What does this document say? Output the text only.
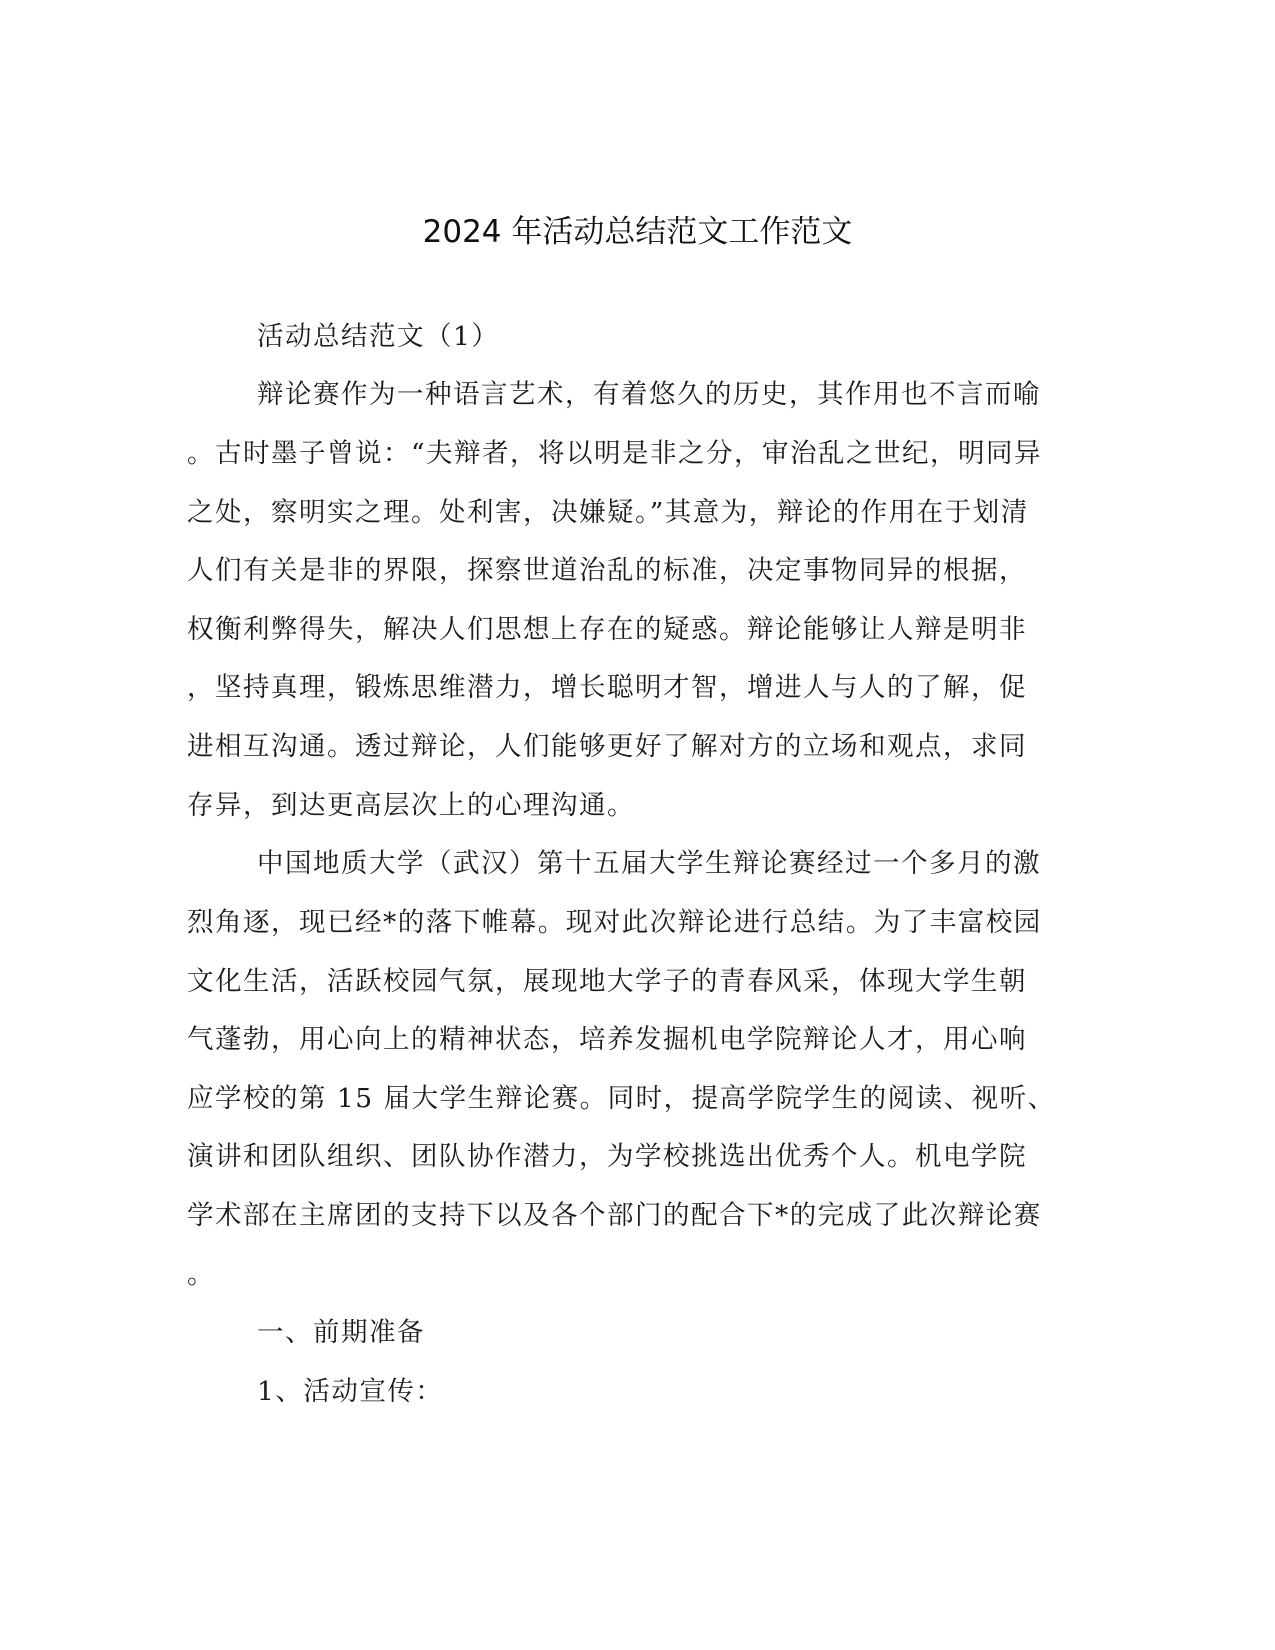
2024 年活动总结范文工作范文
活动总结范文（1）
辩论赛作为一种语言艺术，有着悠久的历史，其作用也不言而喻
。古时墨子曾说：“夫辩者，将以明是非之分，审治乱之世纪，明同异
之处，察明实之理。处利害，决嫌疑。”其意为，辩论的作用在于划清
人们有关是非的界限，探察世道治乱的标准，决定事物同异的根据，
权衡利弊得失，解决人们思想上存在的疑惑。辩论能够让人辩是明非
，坚持真理，锻炼思维潜力，增长聪明才智，增进人与人的了解，促
进相互沟通。透过辩论，人们能够更好了解对方的立场和观点，求同
存异，到达更高层次上的心理沟通。
中国地质大学（武汉）第十五届大学生辩论赛经过一个多月的激
烈角逐，现已经*的落下帷幕。现对此次辩论进行总结。为了丰富校园
文化生活，活跃校园气氛，展现地大学子的青春风采，体现大学生朝
气蓬勃，用心向上的精神状态，培养发掘机电学院辩论人才，用心响
应学校的第 15 届大学生辩论赛。同时，提高学院学生的阅读、视听、
演讲和团队组织、团队协作潜力，为学校挑选出优秀个人。机电学院
学术部在主席团的支持下以及各个部门的配合下*的完成了此次辩论赛
。
一、前期准备
1、活动宣传：
